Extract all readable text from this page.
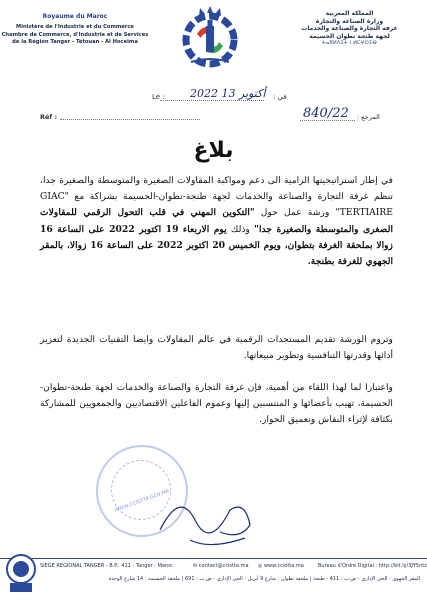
Royaume du Maroc
Ministère de l'Industrie et du Commerce
Chambre de Commerce, d'Industrie et de Services
de la Région Tanger - Tétouan - Al Hoceima
المملكة المغربية
وزارة الصناعة والتجارة
غرفة التجارة والصناعة والخدمات
لجهة طنجة تطوان الحسيمة
ⵜⴰⴳⵍⴷⵉⵜ ⵏ ⵍⵎⵖⵔⵉⴱ
Le : 2022 أكتوبر 13 في :
Réf :	840/22 المرجع :
بلاغ
في إطار استراتيجيتها الرامية الى دعم ومواكبة المقاولات الصغيرة والمتوسطة والصغيرة جدا، تنظم غرفة التجارة والصناعة والخدمات لجهة طنجة-تطوان-الحسيمة بشراكة مع "GIAC TERTIAIRE" ورشة عمل حول "التكوين المهني في قلب التحول الرقمي للمقاولات الصغرى والمتوسطة والصغيرة جدا" وذلك يوم الاربعاء 19 اكتوبر 2022 على الساعة 16 زوالا بملحقة الغرفة بتطوان، ويوم الخميس 20 اكتوبر 2022 على الساعة 16 زوالا، بالمقر الجهوي للغرفة بطنجة.
وتروم الورشة تقديم المستجدات الرقمية في عالم المقاولات وايضا التقنيات الجديدة لتعزيز أدائها وقدرتها التنافسية وتطوير مبيعاتها.
واعتبارا لما لهذا اللقاء من أهمية، فإن غرفة التجارة والصناعة والخدمات لجهة طنجة-تطوان-الحسيمة، تهيب بأعضائها و المنتسبين إليها وعموم الفاعلين الاقتصاديين والجمعويين للمشاركة بكثافة لإثراء النقاش وتعميق الحوار.
WWW.CCISTTA.GOV.MA
SIEGE REGIONAL TANGER - B.P.: 411 - Tanger - Maroc	✉ contact@ccistta.ma ◎ www.cciotta.ma	Bureau d'Ordre Digital : http://bit.ly/3JY5ntz
المقر الجهوي - الحي الإداري - ص.ب : 411 - طنجة | ملحقة تطوان : شارع 9 أبريل - الحي الإداري - ص.ب : 691 | ملحقة الحسيمة : 14 شارع الوحدة
